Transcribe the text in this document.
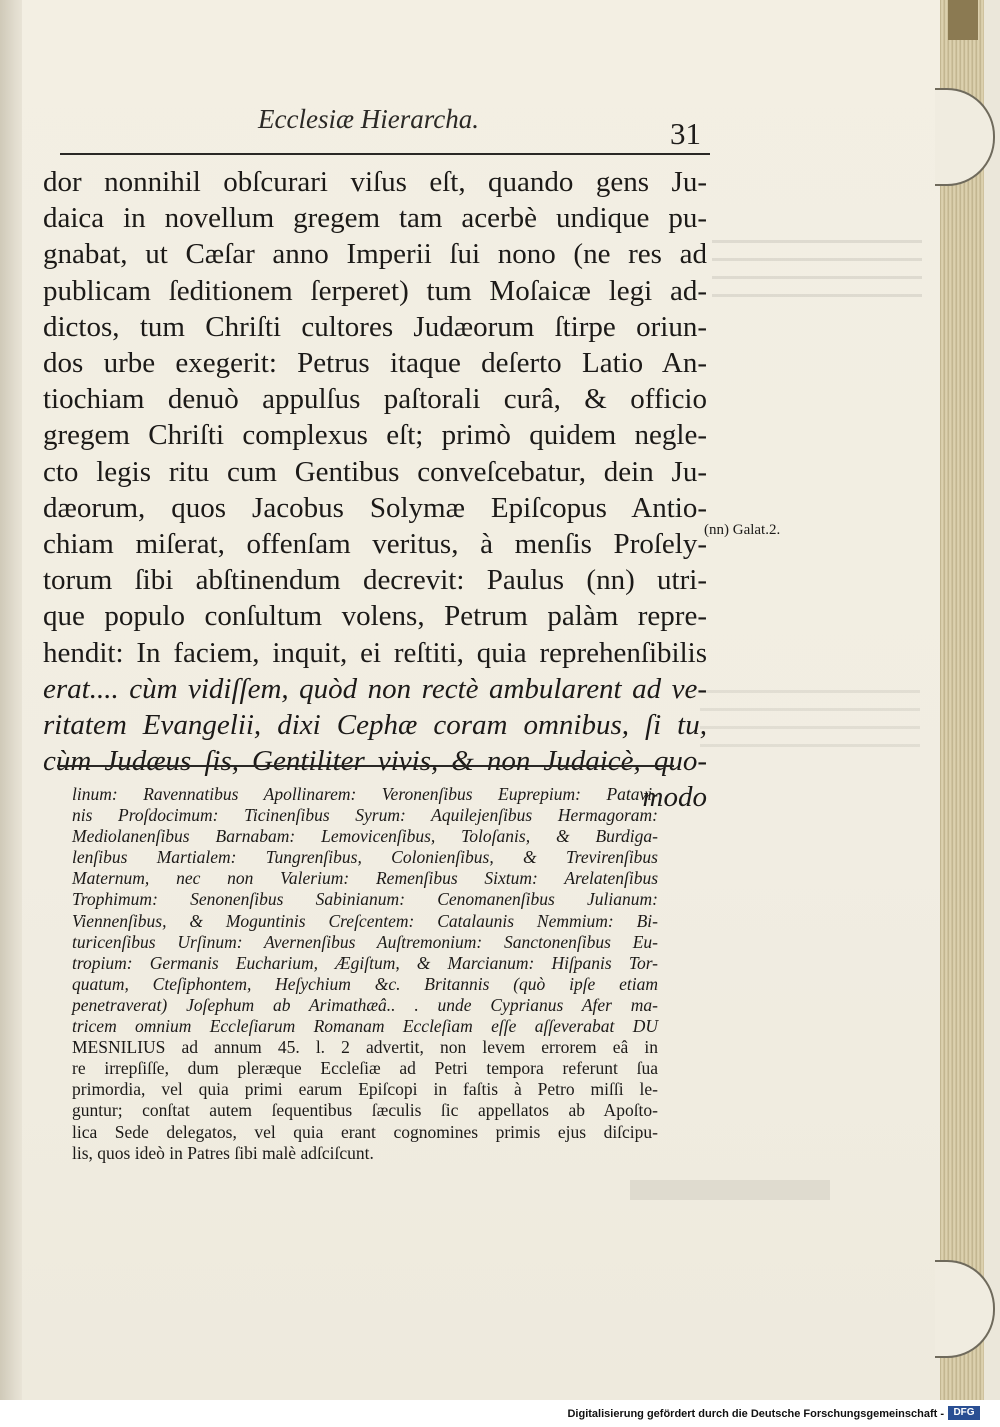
Ecclesiæ Hierarcha.	31
dor nonnihil obſcurari viſus eſt, quando gens Ju-
daica in novellum gregem tam acerbè undique pu-
gnabat, ut Cæſar anno Imperii ſui nono (ne res ad
publicam ſeditionem ſerperet) tum Moſaicæ legi ad-
dictos, tum Chriſti cultores Judæorum ſtirpe oriun-
dos urbe exegerit: Petrus itaque deſerto Latio An-
tiochiam denuò appulſus paſtorali curâ, & officio
gregem Chriſti complexus eſt; primò quidem negle-
cto legis ritu cum Gentibus conveſcebatur, dein Ju-
dæorum, quos Jacobus Solymæ Epiſcopus Antio-
chiam miſerat, offenſam veritus, à menſis Proſely-
torum ſibi abſtinendum decrevit: Paulus (nn) utri-
que populo conſultum volens, Petrum palàm repre-
hendit: In faciem, inquit, ei reſtiti, quia reprehenſibilis
erat.... cùm vidiſſem, quòd non rectè ambularent ad ve-
ritatem Evangelii, dixi Cephæ coram omnibus, ſi tu,
cùm Judæus ſis, Gentiliter vivis, & non Judaicè, quo-
modo
(nn) Galat.2.
linum: Ravennatibus Apollinarem: Veronenſibus Euprepium: Patavi-
nis Proſdocimum: Ticinenſibus Syrum: Aquilejenſibus Hermagoram:
Mediolanenſibus Barnabam: Lemovicenſibus, Toloſanis, & Burdiga-
lenſibus Martialem: Tungrenſibus, Colonienſibus, & Trevirenſibus
Maternum, nec non Valerium: Remenſibus Sixtum: Arelatenſibus
Trophimum: Senonenſibus Sabinianum: Cenomanenſibus Julianum:
Viennenſibus, & Moguntinis Creſcentem: Catalaunis Nemmium: Bi-
turicenſibus Urſinum: Avernenſibus Auſtremonium: Sanctonenſibus Eu-
tropium: Germanis Eucharium, Ægiſtum, & Marcianum: Hiſpanis Tor-
quatum, Cteſiphontem, Heſychium &c. Britannis (quò ipſe etiam
penetraverat) Joſephum ab Arimathæâ.. . unde Cyprianus Afer ma-
tricem omnium Eccleſiarum Romanam Eccleſiam eſſe aſſeverabat DU
MESNILIUS ad annum 45. l. 2 advertit, non levem errorem eâ in
re irrepſiſſe, dum pleræque Eccleſiæ ad Petri tempora referunt ſua
primordia, vel quia primi earum Epiſcopi in faſtis à Petro miſſi le-
guntur; conſtat autem ſequentibus ſæculis ſic appellatos ab Apoſto-
lica Sede delegatos, vel quia erant cognomines primis ejus diſcipu-
lis, quos ideò in Patres ſibi malè adſciſcunt.
Digitalisierung gefördert durch die Deutsche Forschungsgemeinschaft - DFG
